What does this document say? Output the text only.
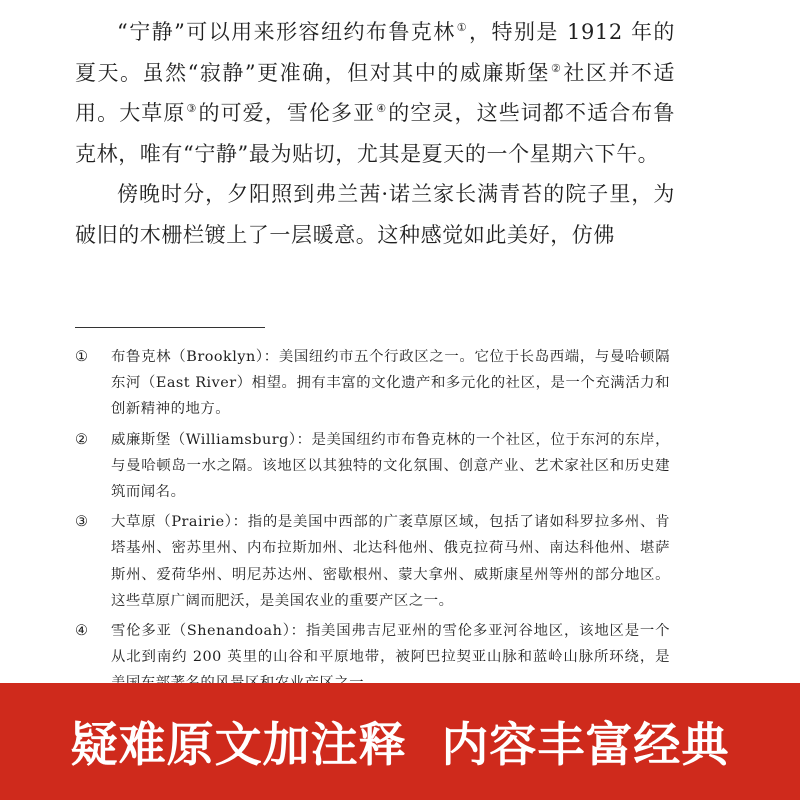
“宁静”可以用来形容纽约布鲁克林①，特别是 1912 年的夏天。虽然“寂静”更准确，但对其中的威廉斯堡②社区并不适用。大草原③的可爱，雪伦多亚④的空灵，这些词都不适合布鲁克林，唯有“宁静”最为贴切，尤其是夏天的一个星期六下午。

傍晚时分，夕阳照到弗兰茜·诺兰家长满青苔的院子里，为破旧的木栅栏镀上了一层暖意。这种感觉如此美好，仿佛

① 布鲁克林（Brooklyn）：美国纽约市五个行政区之一。它位于长岛西端，与曼哈顿隔东河（East River）相望。拥有丰富的文化遗产和多元化的社区，是一个充满活力和创新精神的地方。
② 威廉斯堡（Williamsburg）：是美国纽约市布鲁克林的一个社区，位于东河的东岸，与曼哈顿岛一水之隔。该地区以其独特的文化氛围、创意产业、艺术家社区和历史建筑而闻名。
③ 大草原（Prairie）：指的是美国中西部的广袤草原区域，包括了诸如科罗拉多州、肯塔基州、密苏里州、内布拉斯加州、北达科他州、俄克拉荷马州、南达科他州、堪萨斯州、爱荷华州、明尼苏达州、密歇根州、蒙大拿州、威斯康星州等州的部分地区。这些草原广阔而肥沃，是美国农业的重要产区之一。
④ 雪伦多亚（Shenandoah）：指美国弗吉尼亚州的雪伦多亚河谷地区，该地区是一个从北到南约 200 英里的山谷和平原地带，被阿巴拉契亚山脉和蓝岭山脉所环绕，是
疑难原文加注释  内容丰富经典
